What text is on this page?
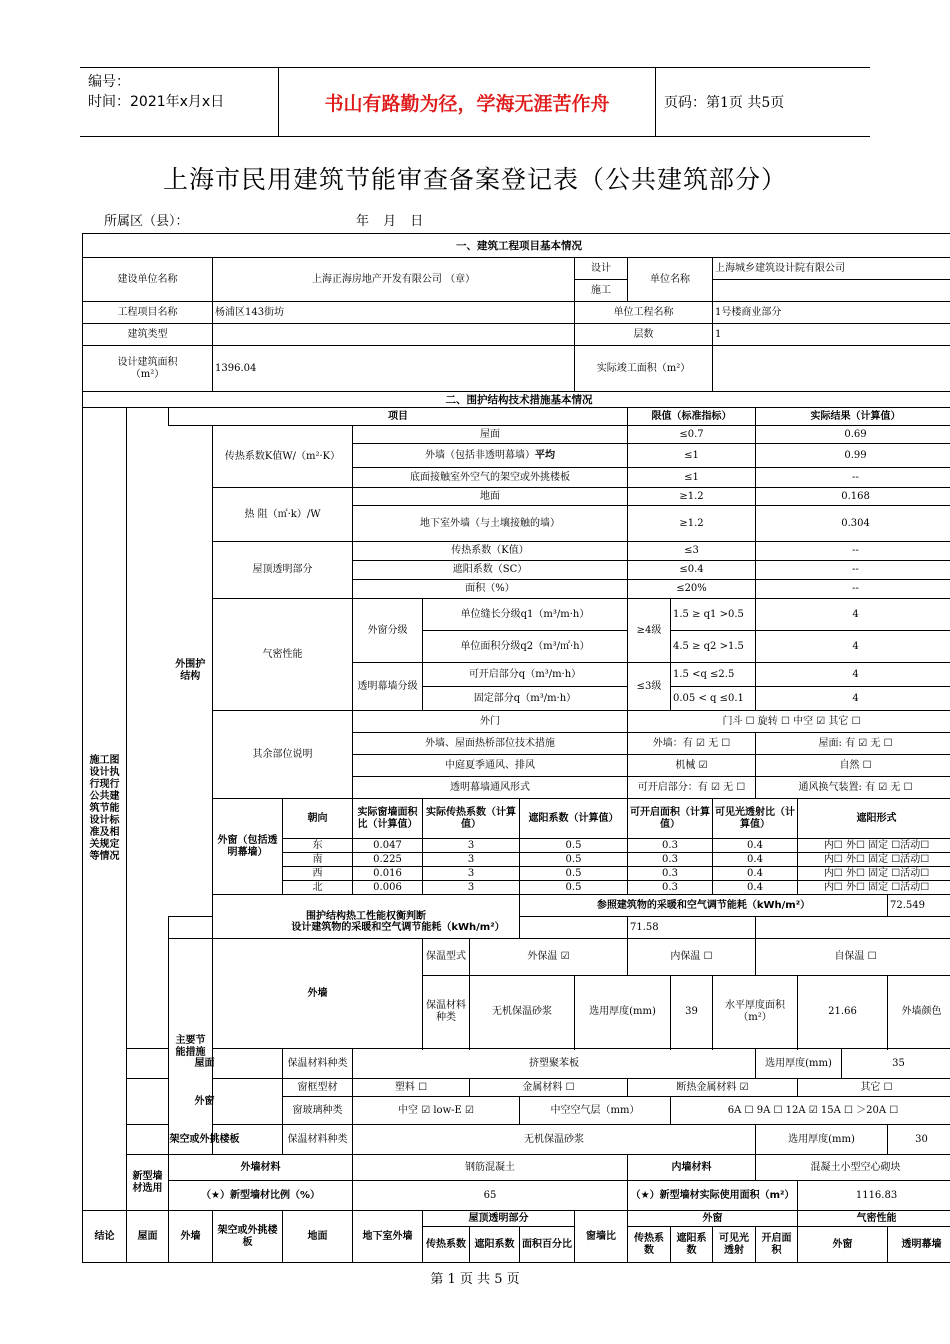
编号：
时间：2021年x月x日	书山有路勤为径，学海无涯苦作舟	页码：第1页 共5页
上海市民用建筑节能审查备案登记表（公共建筑部分）
所属区（县）：	年 月 日
一、建筑工程项目基本情况																	
建设单位名称			上海正海房地产开发有限公司 （章）						设计	单位名称		上海城乡建筑设计院有限公司					
									施工								
工程项目名称			杨浦区143街坊						单位工程名称			1号楼商业部分					
建筑类型									层数			1					
设计建筑面积
（m²）			1396.04						实际竣工面积（m²）								
二、围护结构技术措施基本情况																	
施工图设计执行现行公共建筑节能设计标准及相关规定等情况		项目								限值（标准指标）			实际结果（计算值）				
		外围护结构	传热系数K值W/（m²·K）		屋面					≤0.7			0.69				
					外墙（包括非透明幕墙）平均					≤1			0.99				
					底面接触室外空气的架空或外挑楼板					≤1			--				
			热 阻（㎡·k）/W		地面					≥1.2			0.168				
					地下室外墙（与土壤接触的墙）					≥1.2			0.304				
			屋顶透明部分		传热系数（K值）					≤3			--				
					遮阳系数（SC）					≤0.4			--				
					面积（%）					≤20%			--				
			气密性能		外窗分级	单位缝长分级q1（m³/m·h）				≥4级	1.5 ≥ q1 >0.5		4				
						单位面积分级q2（m³/㎡·h）					4.5 ≥ q2 >1.5		4				
					透明幕墙分级	可开启部分q（m³/m·h）				≤3级	1.5 <q ≤2.5		4				
						固定部分q（m³/m·h）					0.05 < q ≤0.1		4				
			其余部位说明		外门					门斗 ☐ 旋转 ☐ 中空 ☑ 其它 ☐							
					外墙、屋面热桥部位技术措施					外墙：有 ☑ 无 ☐			屋面: 有 ☑ 无 ☐				
					中庭夏季通风、排风					机械 ☑			自然 ☐				
					透明幕墙通风形式					可开启部分：有 ☑ 无 ☐			通风换气装置: 有 ☑ 无 ☐				
			外窗（包括透明幕墙）	朝向	实际窗墙面积比（计算值）	实际传热系数（计算值）		遮阳系数（计算值）		可开启面积（计算值）		可见光透射比（计算值）		遮阳形式			
				东	0.047	3		0.5		0.3		0.4		内☐ 外☐ 固定 ☐活动☐			
				南	0.225	3		0.5		0.3		0.4		内☐ 外☐ 固定 ☐活动☐			
				西	0.016	3		0.5		0.3		0.4		内☐ 外☐ 固定 ☐活动☐			
				北	0.006	3		0.5		0.3		0.4		内☐ 外☐ 固定 ☐活动☐			
			围护结构热工性能权衡判断					参照建筑物的采暖和空气调节能耗（kWh/m²）								72.549	
		设计建筑物的采暖和空气调节能耗（kWh/m²）								71.58							
		主要节能措施	外墙			保温型式	外保温 ☑			内保温 ☐			自保温 ☐	
						保温材料种类	无机保温砂浆		选用厚度(mm)		39	水平厚度面积（m²）		21.66		外墙颜色	

	屋面			保温材料种类	挤塑聚苯板								选用厚度(mm)		35		
	外窗			窗框型材	塑料 ☐		金属材料 ☐			断热金属材料 ☑				其它 ☐			
				窗玻璃种类	中空 ☑ low-E ☑			中空空气层（mm）			6A ☐ 9A ☐ 12A ☑ 15A ☐ ＞20A ☐						
	架空或外挑楼板			保温材料种类	无机保温砂浆								选用厚度(mm)			30	

	新型墙材选用	外墙材料			钢筋混凝土					内墙材料			混凝土小型空心砌块				
		（★）新型墙材比例（%）			65					（★）新型墙材实际使用面积（m²）				1116.83			
结论	屋面	外墙	架空或外挑楼板	地面	地下室外墙	屋顶透明部分			窗墙比	外窗				气密性能			
						传热系数	遮阳系数	面积百分比		传热系数	遮阳系数	可见光透射	开启面积	外窗		透明幕墙	
第 1 页 共 5 页
